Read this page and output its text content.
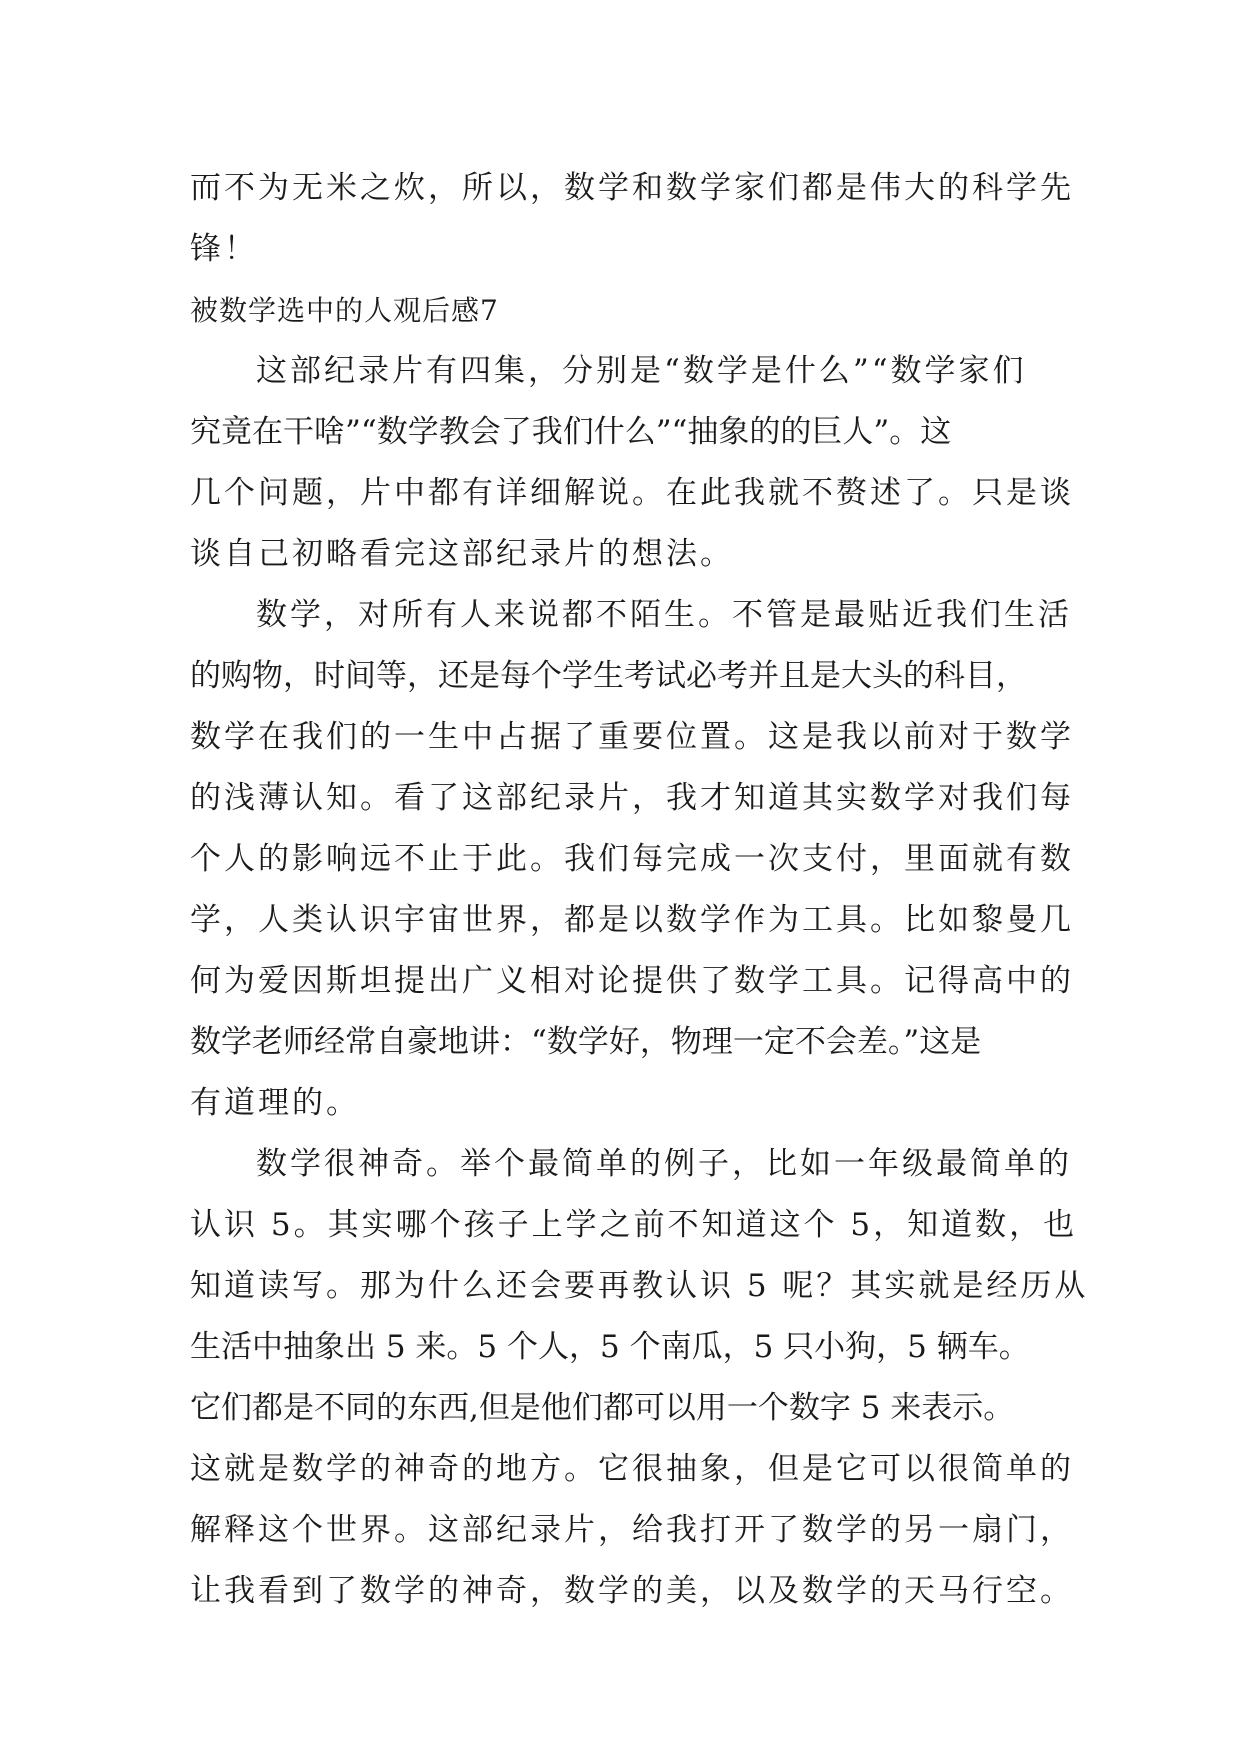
而不为无米之炊，所以，数学和数学家们都是伟大的科学先
锋！
被数学选中的人观后感7
这部纪录片有四集，分别是“数学是什么”“数学家们
究竟在干啥”“数学教会了我们什么”“抽象的的巨人”。这
几个问题，片中都有详细解说。在此我就不赘述了。只是谈
谈自己初略看完这部纪录片的想法。
数学，对所有人来说都不陌生。不管是最贴近我们生活
的购物，时间等，还是每个学生考试必考并且是大头的科目，
数学在我们的一生中占据了重要位置。这是我以前对于数学
的浅薄认知。看了这部纪录片，我才知道其实数学对我们每
个人的影响远不止于此。我们每完成一次支付，里面就有数
学，人类认识宇宙世界，都是以数学作为工具。比如黎曼几
何为爱因斯坦提出广义相对论提供了数学工具。记得高中的
数学老师经常自豪地讲：“数学好，物理一定不会差。”这是
有道理的。
数学很神奇。举个最简单的例子，比如一年级最简单的
认识 5。其实哪个孩子上学之前不知道这个 5，知道数，也
知道读写。那为什么还会要再教认识 5 呢？其实就是经历从
生活中抽象出 5 来。5 个人，5 个南瓜，5 只小狗，5 辆车。
它们都是不同的东西,但是他们都可以用一个数字 5 来表示。
这就是数学的神奇的地方。它很抽象，但是它可以很简单的
解释这个世界。这部纪录片，给我打开了数学的另一扇门，
让我看到了数学的神奇，数学的美，以及数学的天马行空。
